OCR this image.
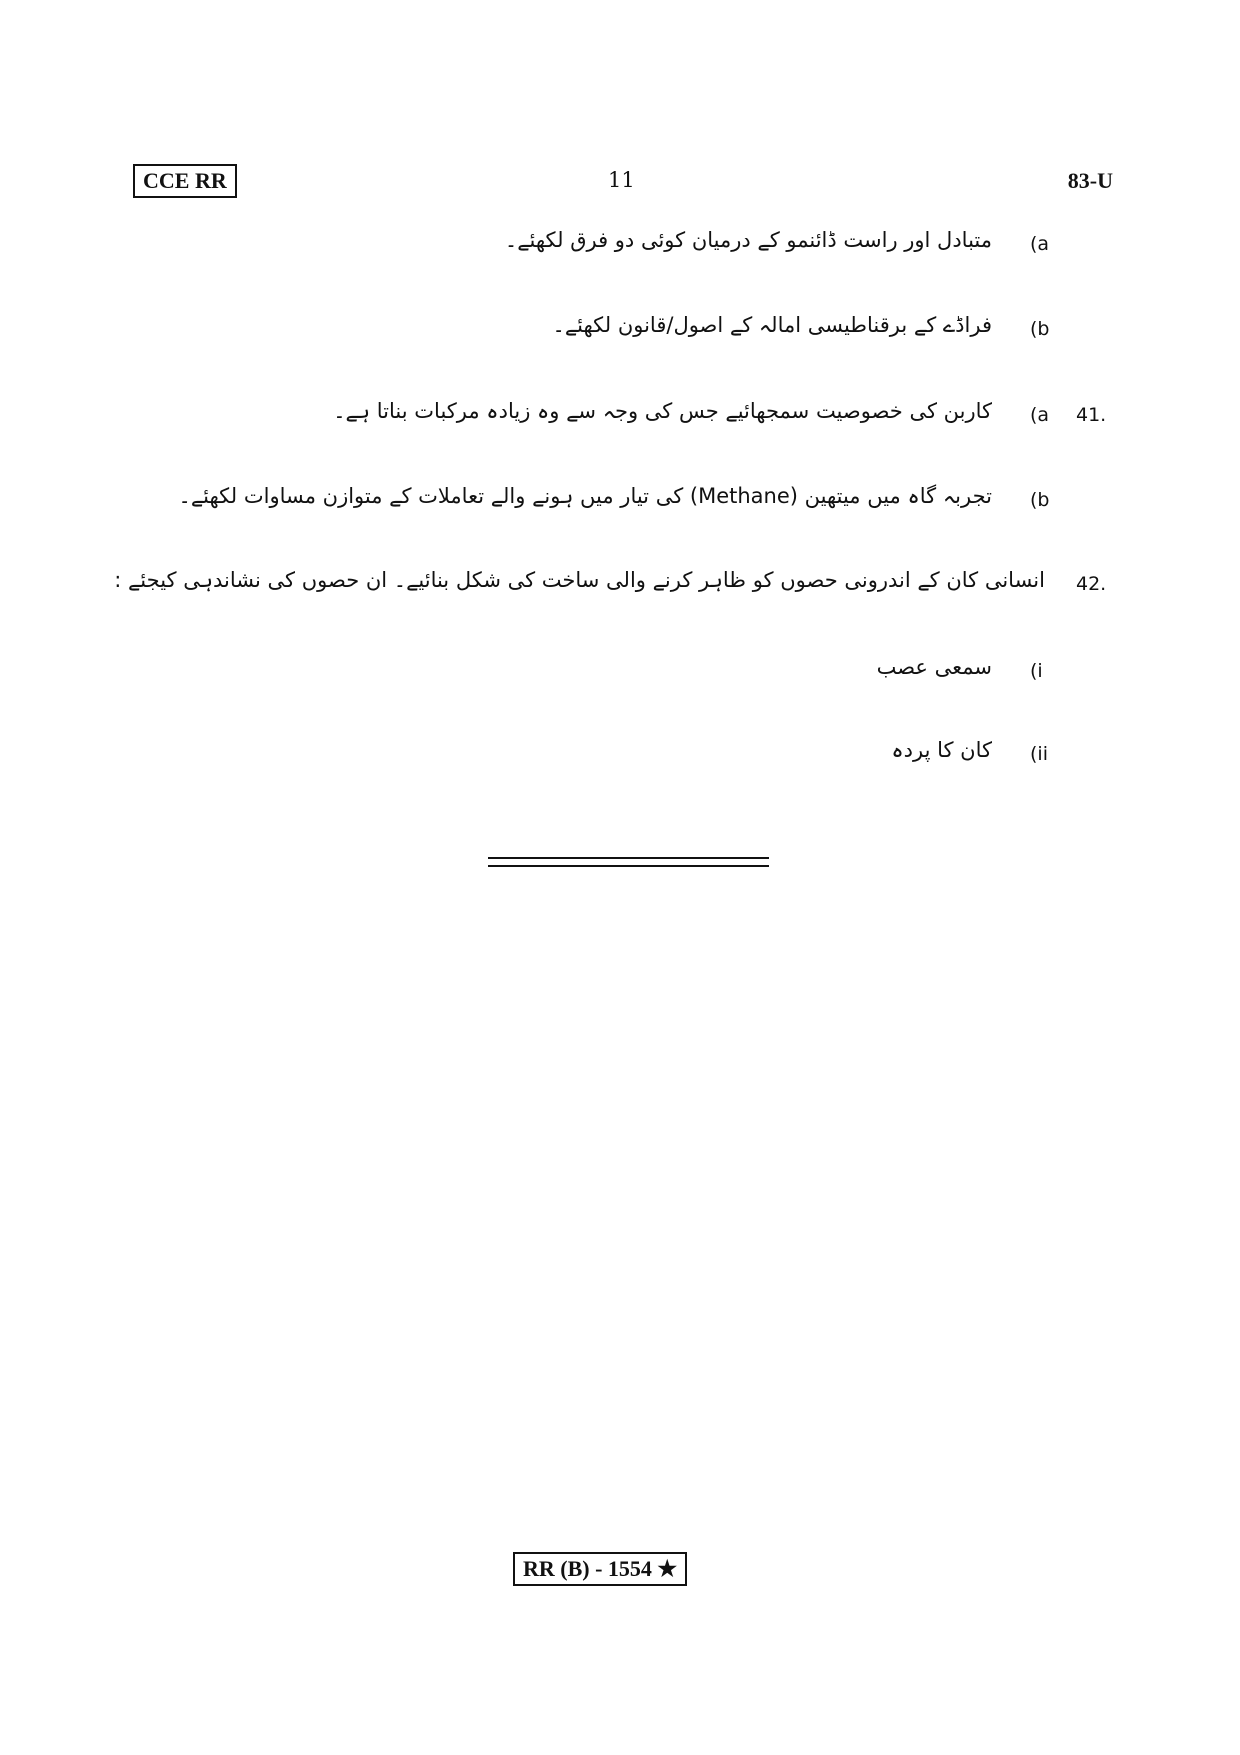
CCE RR	11	83-U
(a
متبادل اور راست ڈائنمو کے درمیان کوئی دو فرق لکھئے۔
(b
فراڈے کے برقناطیسی امالہ کے اصول/قانون لکھئے۔
41.
(a
کاربن کی خصوصیت سمجھائیے جس کی وجہ سے وہ زیادہ مرکبات بناتا ہے۔
(b
تجربہ گاہ میں میتھین (Methane) کی تیار میں ہونے والے تعاملات کے متوازن مساوات لکھئے۔
42.
انسانی کان کے اندرونی حصوں کو ظاہر کرنے والی ساخت کی شکل بنائیے۔ ان حصوں کی نشاندہی کیجئے :
(i
سمعی عصب
(ii
کان کا پردہ
RR (B) - 1554 ★
